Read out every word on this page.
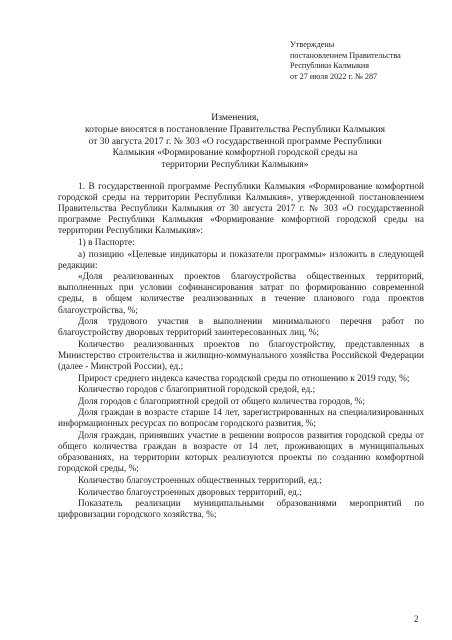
Утверждены
постановлением Правительства
Республики Калмыкия
от 27 июля 2022 г. № 287
Изменения,
которые вносятся в постановление Правительства Республики Калмыкия
от 30 августа 2017 г. № 303 «О государственной программе Республики
Калмыкия «Формирование комфортной городской среды на
территории Республики Калмыкия»

1. В государственной программе Республики Калмыкия «Формирование комфортной городской среды на территории Республики Калмыкия», утвержденной постановлением Правительства Республики Калмыкия от 30 августа 2017 г. № 303 «О государственной программе Республики Калмыкия «Формирование комфортной городской среды на территории Республики Калмыкия»:

1) в Паспорте:

а) позицию «Целевые индикаторы и показатели программы» изложить в следующей редакции:

«Доля реализованных проектов благоустройства общественных территорий, выполненных при условии софинансирования затрат по формированию современной среды, в общем количестве реализованных в течение планового года проектов благоустройства, %;

Доля трудового участия в выполнении минимального перечня работ по благоустройству дворовых территорий заинтересованных лиц, %;

Количество реализованных проектов по благоустройству, представленных в Министерство строительства и жилищно-коммунального хозяйства Российской Федерации (далее - Минстрой России), ед.;

Прирост среднего индекса качества городской среды по отношению к 2019 году, %;

Количество городов с благоприятной городской средой, ед.;

Доля городов с благоприятной средой от общего количества городов, %;

Доля граждан в возрасте старше 14 лет, зарегистрированных на специализированных информационных ресурсах по вопросам городского развития, %;

Доля граждан, принявших участие в решении вопросов развития городской среды от общего количества граждан в возрасте от 14 лет, проживающих в муниципальных образованиях, на территории которых реализуются проекты по созданию комфортной городской среды, %;

Количество благоустроенных общественных территорий, ед.;

Количество благоустроенных дворовых территорий, ед.;

Показатель реализации муниципальными образованиями мероприятий по цифровизации городского хозяйства, %;

2
